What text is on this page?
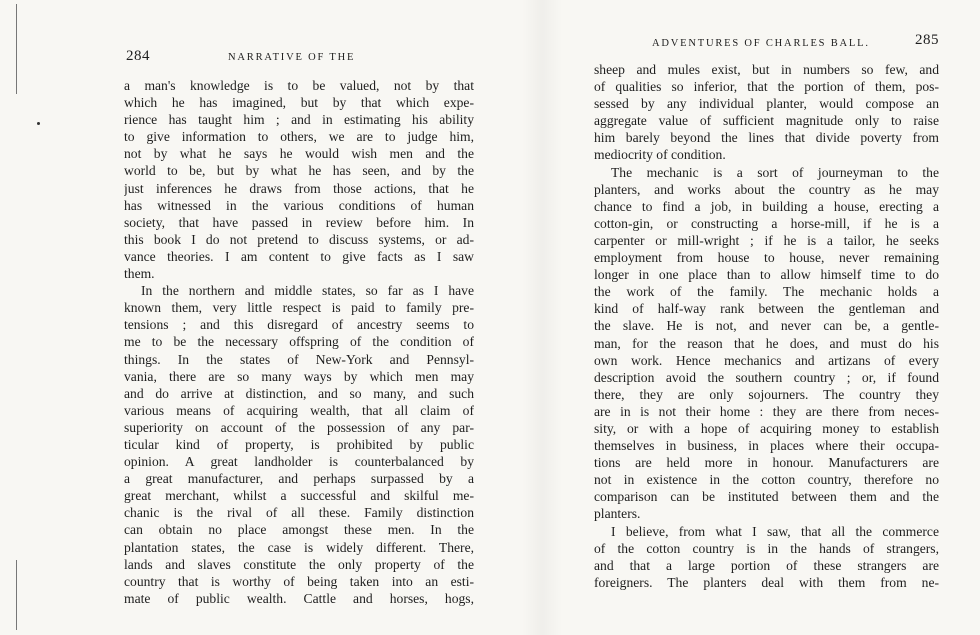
284	NARRATIVE OF THE
a man's knowledge is to be valued, not by that
which he has imagined, but by that which expe-
rience has taught him ; and in estimating his ability
to give information to others, we are to judge him,
not by what he says he would wish men and the
world to be, but by what he has seen, and by the
just inferences he draws from those actions, that he
has witnessed in the various conditions of human
society, that have passed in review before him. In
this book I do not pretend to discuss systems, or ad-
vance theories. I am content to give facts as I saw
them.
In the northern and middle states, so far as I have
known them, very little respect is paid to family pre-
tensions ; and this disregard of ancestry seems to
me to be the necessary offspring of the condition of
things. In the states of New-York and Pennsyl-
vania, there are so many ways by which men may
and do arrive at distinction, and so many, and such
various means of acquiring wealth, that all claim of
superiority on account of the possession of any par-
ticular kind of property, is prohibited by public
opinion. A great landholder is counterbalanced by
a great manufacturer, and perhaps surpassed by a
great merchant, whilst a successful and skilful me-
chanic is the rival of all these. Family distinction
can obtain no place amongst these men. In the
plantation states, the case is widely different. There,
lands and slaves constitute the only property of the
country that is worthy of being taken into an esti-
mate of public wealth. Cattle and horses, hogs,
ADVENTURES OF CHARLES BALL.	285
sheep and mules exist, but in numbers so few, and
of qualities so inferior, that the portion of them, pos-
sessed by any individual planter, would compose an
aggregate value of sufficient magnitude only to raise
him barely beyond the lines that divide poverty from
mediocrity of condition.
The mechanic is a sort of journeyman to the
planters, and works about the country as he may
chance to find a job, in building a house, erecting a
cotton-gin, or constructing a horse-mill, if he is a
carpenter or mill-wright ; if he is a tailor, he seeks
employment from house to house, never remaining
longer in one place than to allow himself time to do
the work of the family. The mechanic holds a
kind of half-way rank between the gentleman and
the slave. He is not, and never can be, a gentle-
man, for the reason that he does, and must do his
own work. Hence mechanics and artizans of every
description avoid the southern country ; or, if found
there, they are only sojourners. The country they
are in is not their home : they are there from neces-
sity, or with a hope of acquiring money to establish
themselves in business, in places where their occupa-
tions are held more in honour. Manufacturers are
not in existence in the cotton country, therefore no
comparison can be instituted between them and the
planters.
I believe, from what I saw, that all the commerce
of the cotton country is in the hands of strangers,
and that a large portion of these strangers are
foreigners. The planters deal with them from ne-
